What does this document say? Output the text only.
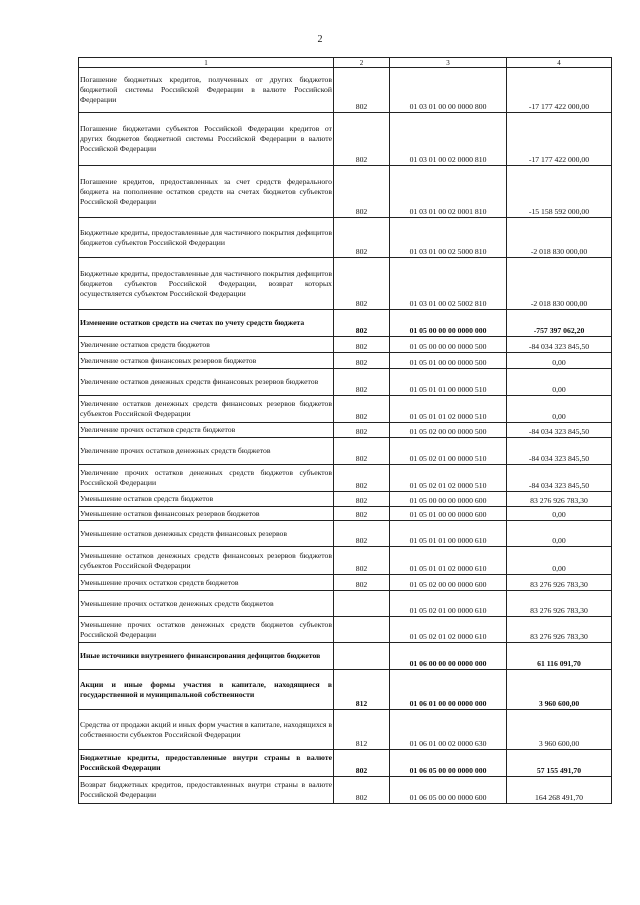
2
1	2	3	4
Погашение бюджетных кредитов, полученных от других бюджетов бюджетной системы Российской Федерации в валюте Российской Федерации	802	01 03 01 00 00 0000 800	-17 177 422 000,00
Погашение бюджетами субъектов Российской Федерации кредитов от других бюджетов бюджетной системы Российской Федерации в валюте Российской Федерации	802	01 03 01 00 02 0000 810	-17 177 422 000,00
Погашение кредитов, предоставленных за счет средств федерального бюджета на пополнение остатков средств на счетах бюджетов субъектов Российской Федерации	802	01 03 01 00 02 0001 810	-15 158 592 000,00
Бюджетные кредиты, предоставленные для частичного покрытия дефицитов бюджетов субъектов Российской Федерации	802	01 03 01 00 02 5000 810	-2 018 830 000,00
Бюджетные кредиты, предоставленные для частичного покрытия дефицитов бюджетов субъектов Российской Федерации, возврат которых осуществляется субъектом Российской Федерации	802	01 03 01 00 02 5002 810	-2 018 830 000,00
Изменение остатков средств на счетах по учету средств бюджета	802	01 05 00 00 00 0000 000	-757 397 062,20
Увеличение остатков средств бюджетов	802	01 05 00 00 00 0000 500	-84 034 323 845,50
Увеличение остатков финансовых резервов бюджетов	802	01 05 01 00 00 0000 500	0,00
Увеличение остатков денежных средств финансовых резервов бюджетов	802	01 05 01 01 00 0000 510	0,00
Увеличение остатков денежных средств финансовых резервов бюджетов субъектов Российской Федерации	802	01 05 01 01 02 0000 510	0,00
Увеличение прочих остатков средств бюджетов	802	01 05 02 00 00 0000 500	-84 034 323 845,50
Увеличение прочих остатков денежных средств бюджетов	802	01 05 02 01 00 0000 510	-84 034 323 845,50
Увеличение прочих остатков денежных средств бюджетов субъектов Российской Федерации	802	01 05 02 01 02 0000 510	-84 034 323 845,50
Уменьшение остатков средств бюджетов	802	01 05 00 00 00 0000 600	83 276 926 783,30
Уменьшение остатков финансовых резервов бюджетов	802	01 05 01 00 00 0000 600	0,00
Уменьшение остатков денежных средств финансовых резервов	802	01 05 01 01 00 0000 610	0,00
Уменьшение остатков денежных средств финансовых резервов бюджетов субъектов Российской Федерации	802	01 05 01 01 02 0000 610	0,00
Уменьшение прочих остатков средств бюджетов	802	01 05 02 00 00 0000 600	83 276 926 783,30
Уменьшение прочих остатков денежных средств бюджетов		01 05 02 01 00 0000 610	83 276 926 783,30
Уменьшение прочих остатков денежных средств бюджетов субъектов Российской Федерации		01 05 02 01 02 0000 610	83 276 926 783,30
Иные источники внутреннего финансирования дефицитов бюджетов		01 06 00 00 00 0000 000	61 116 091,70
Акции и иные формы участия в капитале, находящиеся в государственной и муниципальной собственности	812	01 06 01 00 00 0000 000	3 960 600,00
Средства от продажи акций и иных форм участия в капитале, находящихся в собственности субъектов Российской Федерации	812	01 06 01 00 02 0000 630	3 960 600,00
Бюджетные кредиты, предоставленные внутри страны в валюте Российской Федерации	802	01 06 05 00 00 0000 000	57 155 491,70
Возврат бюджетных кредитов, предоставленных внутри страны в валюте Российской Федерации	802	01 06 05 00 00 0000 600	164 268 491,70
